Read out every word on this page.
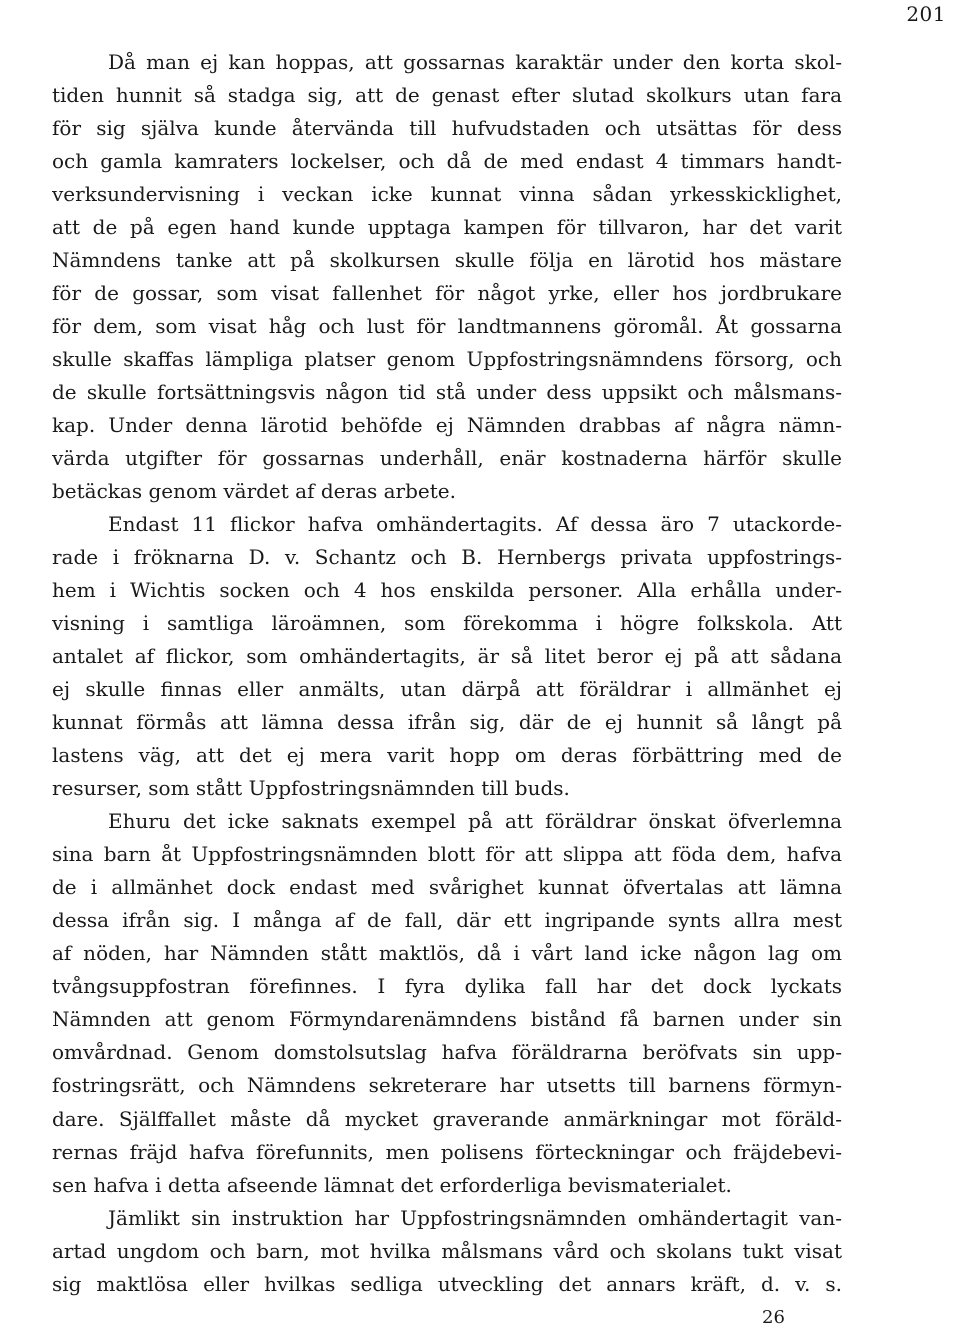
201
Då man ej kan hoppas, att gossarnas karaktär under den korta skol-
tiden hunnit så stadga sig, att de genast efter slutad skolkurs utan fara
för sig själva kunde återvända till hufvudstaden och utsättas för dess
och gamla kamraters lockelser, och då de med endast 4 timmars handt-
verksundervisning i veckan icke kunnat vinna sådan yrkesskicklighet,
att de på egen hand kunde upptaga kampen för tillvaron, har det varit
Nämndens tanke att på skolkursen skulle följa en lärotid hos mästare
för de gossar, som visat fallenhet för något yrke, eller hos jordbrukare
för dem, som visat håg och lust för landtmannens göromål. Åt gossarna
skulle skaffas lämpliga platser genom Uppfostringsnämndens försorg, och
de skulle fortsättningsvis någon tid stå under dess uppsikt och målsmans-
kap. Under denna lärotid behöfde ej Nämnden drabbas af några nämn-
värda utgifter för gossarnas underhåll, enär kostnaderna härför skulle
betäckas genom värdet af deras arbete.
Endast 11 flickor hafva omhändertagits. Af dessa äro 7 utackorde-
rade i fröknarna D. v. Schantz och B. Hernbergs privata uppfostrings-
hem i Wichtis socken och 4 hos enskilda personer. Alla erhålla under-
visning i samtliga läroämnen, som förekomma i högre folkskola. Att
antalet af flickor, som omhändertagits, är så litet beror ej på att sådana
ej skulle finnas eller anmälts, utan därpå att föräldrar i allmänhet ej
kunnat förmås att lämna dessa ifrån sig, där de ej hunnit så långt på
lastens väg, att det ej mera varit hopp om deras förbättring med de
resurser, som stått Uppfostringsnämnden till buds.
Ehuru det icke saknats exempel på att föräldrar önskat öfverlemna
sina barn åt Uppfostringsnämnden blott för att slippa att föda dem, hafva
de i allmänhet dock endast med svårighet kunnat öfvertalas att lämna
dessa ifrån sig. I många af de fall, där ett ingripande synts allra mest
af nöden, har Nämnden stått maktlös, då i vårt land icke någon lag om
tvångsuppfostran förefinnes. I fyra dylika fall har det dock lyckats
Nämnden att genom Förmyndarenämndens bistånd få barnen under sin
omvårdnad. Genom domstolsutslag hafva föräldrarna beröfvats sin upp-
fostringsrätt, och Nämndens sekreterare har utsetts till barnens förmyn-
dare. Själffallet måste då mycket graverande anmärkningar mot föräld-
rernas fräjd hafva förefunnits, men polisens förteckningar och fräjdebevi-
sen hafva i detta afseende lämnat det erforderliga bevismaterialet.
Jämlikt sin instruktion har Uppfostringsnämnden omhändertagit van-
artad ungdom och barn, mot hvilka målsmans vård och skolans tukt visat
sig maktlösa eller hvilkas sedliga utveckling det annars kräft, d. v. s.
26
